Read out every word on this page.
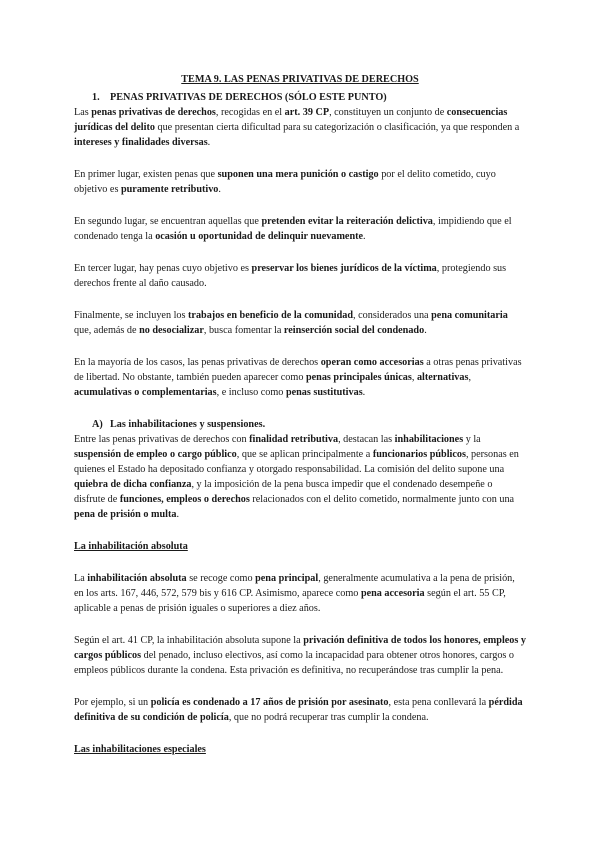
TEMA 9. LAS PENAS PRIVATIVAS DE DERECHOS

1. PENAS PRIVATIVAS DE DERECHOS (SÓLO ESTE PUNTO)

Las penas privativas de derechos, recogidas en el art. 39 CP, constituyen un conjunto de consecuencias jurídicas del delito que presentan cierta dificultad para su categorización o clasificación, ya que responden a intereses y finalidades diversas.

En primer lugar, existen penas que suponen una mera punición o castigo por el delito cometido, cuyo objetivo es puramente retributivo.

En segundo lugar, se encuentran aquellas que pretenden evitar la reiteración delictiva, impidiendo que el condenado tenga la ocasión u oportunidad de delinquir nuevamente.

En tercer lugar, hay penas cuyo objetivo es preservar los bienes jurídicos de la víctima, protegiendo sus derechos frente al daño causado.

Finalmente, se incluyen los trabajos en beneficio de la comunidad, considerados una pena comunitaria que, además de no desocializar, busca fomentar la reinserción social del condenado.

En la mayoría de los casos, las penas privativas de derechos operan como accesorias a otras penas privativas de libertad. No obstante, también pueden aparecer como penas principales únicas, alternativas, acumulativas o complementarias, e incluso como penas sustitutivas.

A) Las inhabilitaciones y suspensiones.

Entre las penas privativas de derechos con finalidad retributiva, destacan las inhabilitaciones y la suspensión de empleo o cargo público, que se aplican principalmente a funcionarios públicos, personas en quienes el Estado ha depositado confianza y otorgado responsabilidad. La comisión del delito supone una quiebra de dicha confianza, y la imposición de la pena busca impedir que el condenado desempeñe o disfrute de funciones, empleos o derechos relacionados con el delito cometido, normalmente junto con una pena de prisión o multa.

La inhabilitación absoluta

La inhabilitación absoluta se recoge como pena principal, generalmente acumulativa a la pena de prisión, en los arts. 167, 446, 572, 579 bis y 616 CP. Asimismo, aparece como pena accesoria según el art. 55 CP, aplicable a penas de prisión iguales o superiores a diez años.

Según el art. 41 CP, la inhabilitación absoluta supone la privación definitiva de todos los honores, empleos y cargos públicos del penado, incluso electivos, así como la incapacidad para obtener otros honores, cargos o empleos públicos durante la condena. Esta privación es definitiva, no recuperándose tras cumplir la pena.

Por ejemplo, si un policía es condenado a 17 años de prisión por asesinato, esta pena conllevará la pérdida definitiva de su condición de policía, que no podrá recuperar tras cumplir la condena.

Las inhabilitaciones especiales
